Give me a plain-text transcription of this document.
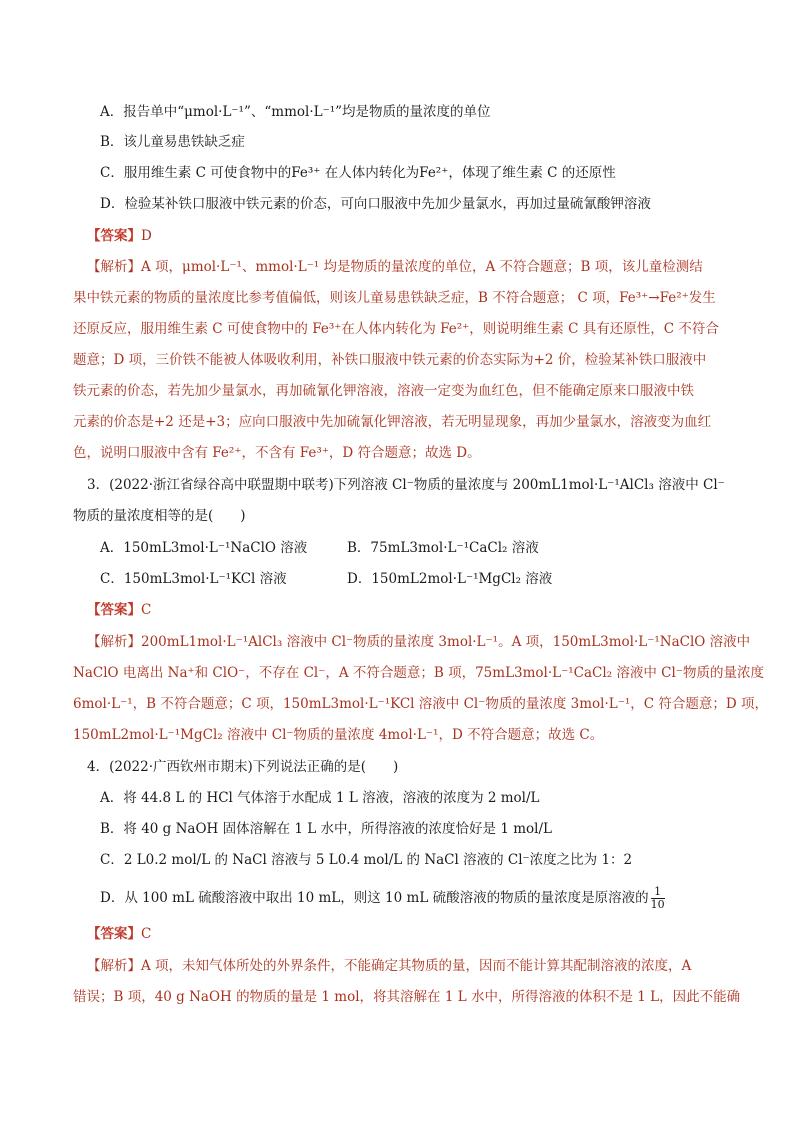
A．报告单中“μmol·L⁻¹”、“mmol·L⁻¹”均是物质的量浓度的单位
B．该儿童易患铁缺乏症
C．服用维生素 C 可使食物中的Fe³⁺ 在人体内转化为Fe²⁺，体现了维生素 C 的还原性
D．检验某补铁口服液中铁元素的价态，可向口服液中先加少量氯水，再加过量硫氰酸钾溶液
【答案】D
【解析】A 项，μmol·L⁻¹、mmol·L⁻¹ 均是物质的量浓度的单位，A 不符合题意；B 项，该儿童检测结
果中铁元素的物质的量浓度比参考值偏低，则该儿童易患铁缺乏症，B 不符合题意； C 项，Fe³⁺→Fe²⁺发生
还原反应，服用维生素 C 可使食物中的 Fe³⁺在人体内转化为 Fe²⁺，则说明维生素 C 具有还原性，C 不符合
题意；D 项，三价铁不能被人体吸收利用，补铁口服液中铁元素的价态实际为+2 价，检验某补铁口服液中
铁元素的价态，若先加少量氯水，再加硫氰化钾溶液，溶液一定变为血红色，但不能确定原来口服液中铁
元素的价态是+2 还是+3；应向口服液中先加硫氰化钾溶液，若无明显现象，再加少量氯水，溶液变为血红
色，说明口服液中含有 Fe²⁺，不含有 Fe³⁺，D 符合题意；故选 D。
3．(2022·浙江省绿谷高中联盟期中联考)下列溶液 Cl⁻物质的量浓度与 200mL1mol·L⁻¹AlCl₃ 溶液中 Cl⁻
物质的量浓度相等的是(　　)
A．150mL3mol·L⁻¹NaClO 溶液	B．75mL3mol·L⁻¹CaCl₂ 溶液
C．150mL3mol·L⁻¹KCl 溶液	D．150mL2mol·L⁻¹MgCl₂ 溶液
【答案】C
【解析】200mL1mol·L⁻¹AlCl₃ 溶液中 Cl⁻物质的量浓度 3mol·L⁻¹。A 项，150mL3mol·L⁻¹NaClO 溶液中
NaClO 电离出 Na⁺和 ClO⁻，不存在 Cl⁻，A 不符合题意；B 项，75mL3mol·L⁻¹CaCl₂ 溶液中 Cl⁻物质的量浓度
6mol·L⁻¹，B 不符合题意；C 项，150mL3mol·L⁻¹KCl 溶液中 Cl⁻物质的量浓度 3mol·L⁻¹，C 符合题意；D 项，
150mL2mol·L⁻¹MgCl₂ 溶液中 Cl⁻物质的量浓度 4mol·L⁻¹，D 不符合题意；故选 C。
4．(2022·广西钦州市期末)下列说法正确的是(　　)
A．将 44.8 L 的 HCl 气体溶于水配成 1 L 溶液，溶液的浓度为 2 mol/L
B．将 40 g NaOH 固体溶解在 1 L 水中，所得溶液的浓度恰好是 1 mol/L
C．2 L0.2 mol/L 的 NaCl 溶液与 5 L0.4 mol/L 的 NaCl 溶液的 Cl⁻浓度之比为 1：2
D．从 100 mL 硫酸溶液中取出 10 mL，则这 10 mL 硫酸溶液的物质的量浓度是原溶液的 $\frac{1}{10}$
【答案】C
【解析】A 项，未知气体所处的外界条件，不能确定其物质的量，因而不能计算其配制溶液的浓度，A
错误；B 项，40 g NaOH 的物质的量是 1 mol，将其溶解在 1 L 水中，所得溶液的体积不是 1 L，因此不能确
